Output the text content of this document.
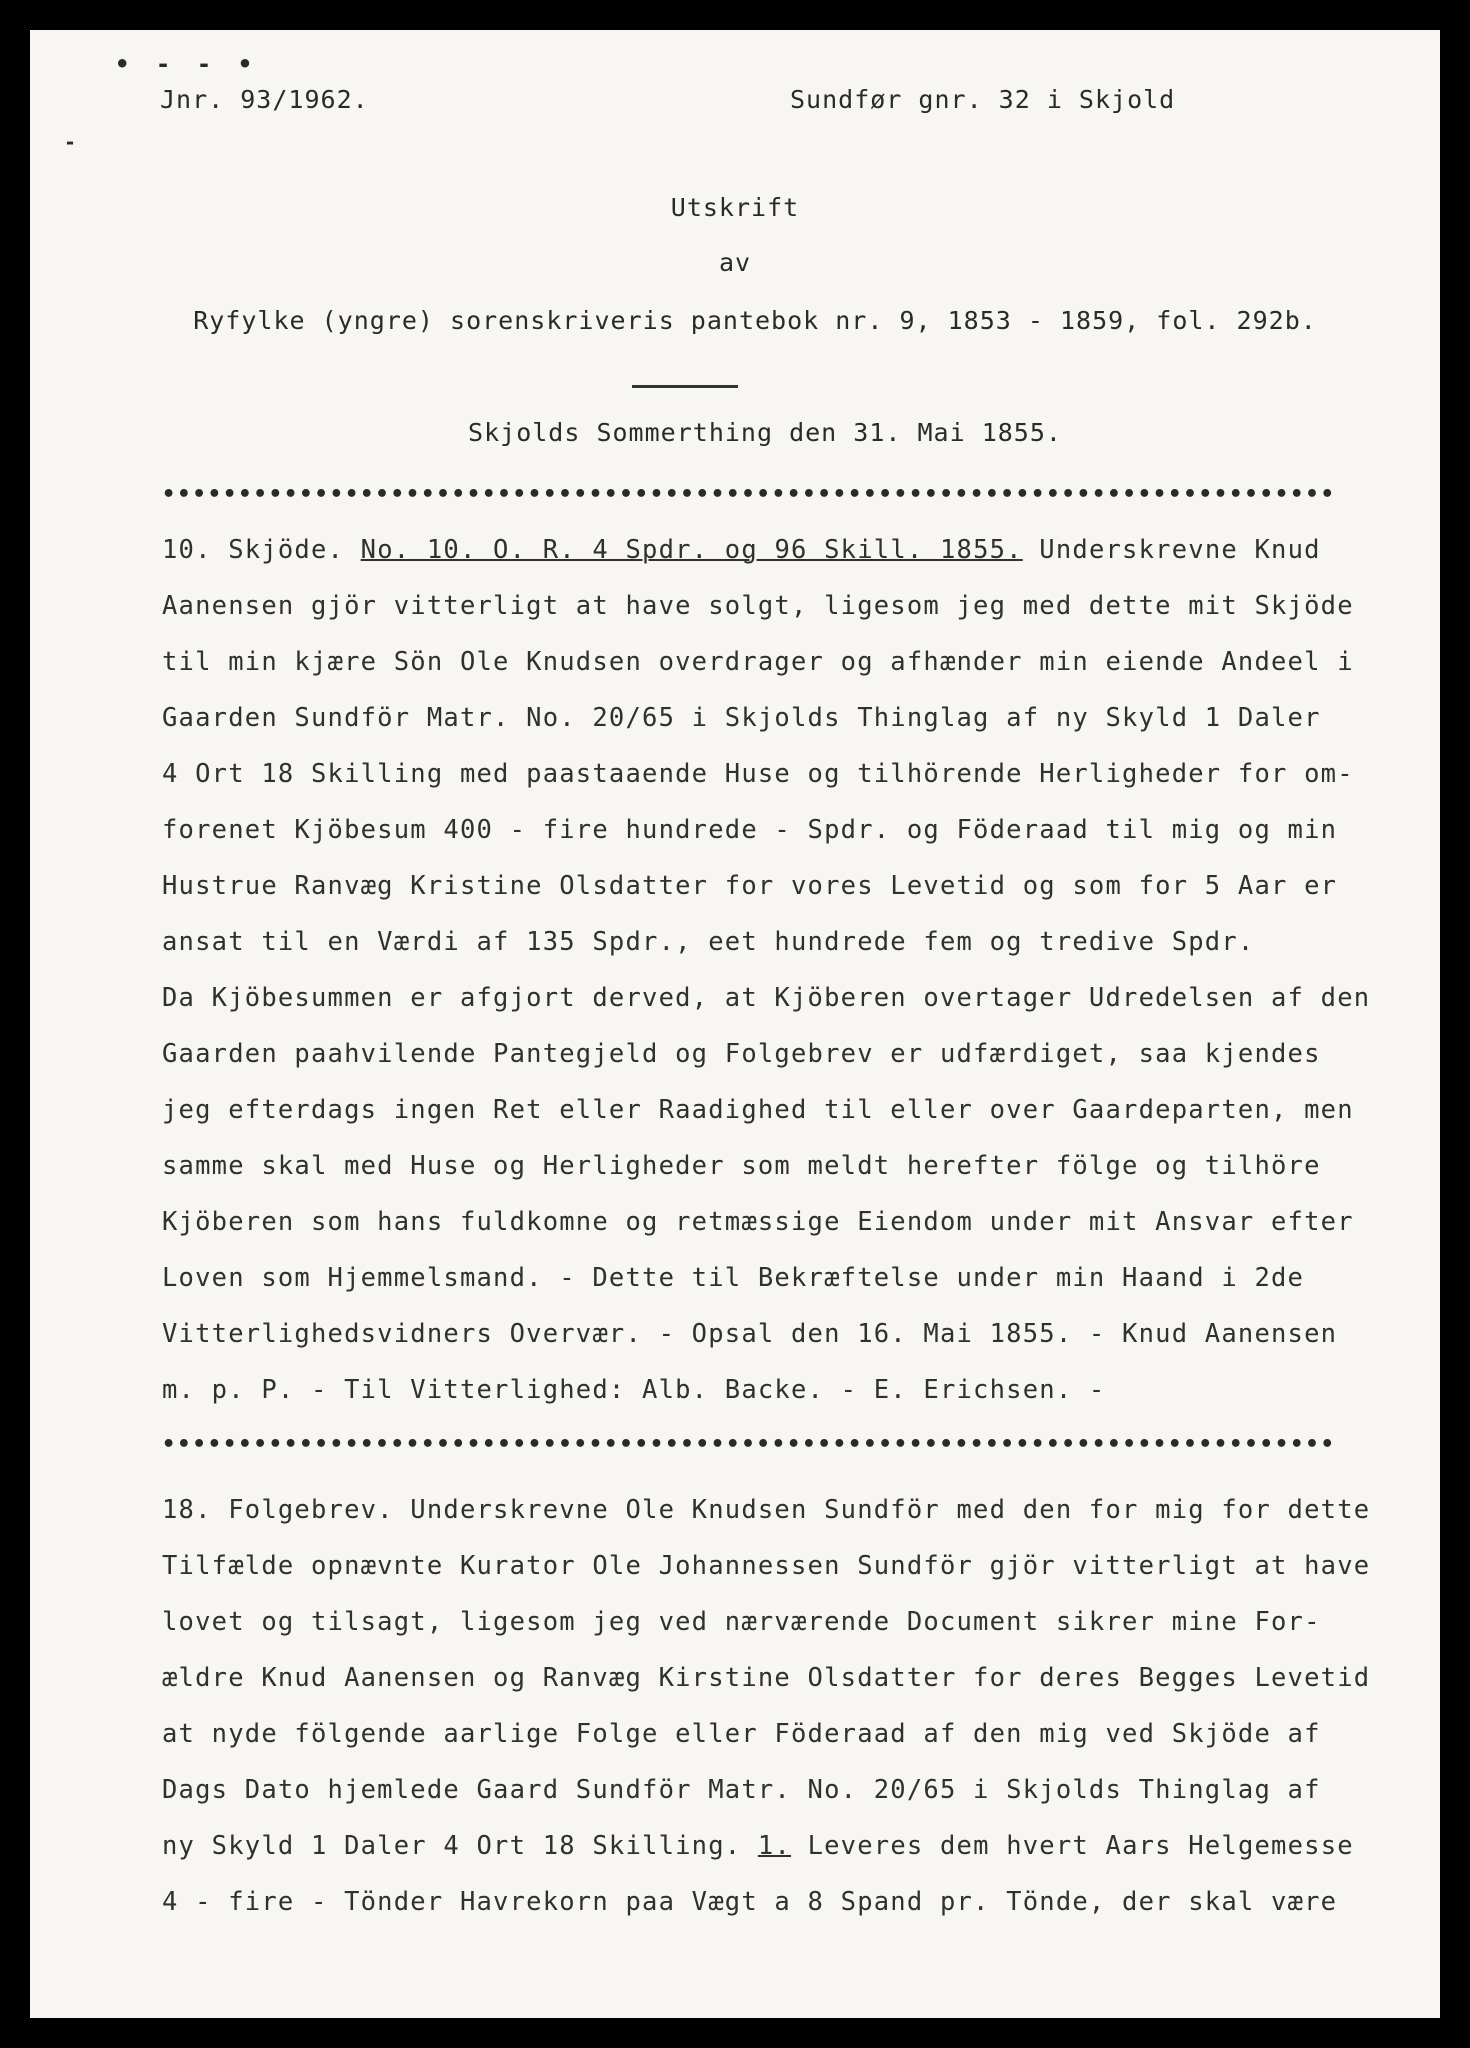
• - - •
-
Jnr. 93/1962.	Sundfør gnr. 32 i Skjold
Utskrift
av
Ryfylke (yngre) sorenskriveris pantebok nr. 9, 1853 - 1859, fol. 292b.
Skjolds Sommerthing den 31. Mai 1855.
•••••••••••••••••••••••••••••••••••••••••••••••••••••••••••••••••••••••••••••
10. Skjöde. No. 10. O. R. 4 Spdr. og 96 Skill. 1855. Underskrevne Knud
Aanensen gjör vitterligt at have solgt, ligesom jeg med dette mit Skjöde
til min kjære Sön Ole Knudsen overdrager og afhænder min eiende Andeel i
Gaarden Sundför Matr. No. 20/65 i Skjolds Thinglag af ny Skyld 1 Daler
4 Ort 18 Skilling med paastaaende Huse og tilhörende Herligheder for om-
forenet Kjöbesum 400 - fire hundrede - Spdr. og Föderaad til mig og min
Hustrue Ranvæg Kristine Olsdatter for vores Levetid og som for 5 Aar er
ansat til en Værdi af 135 Spdr., eet hundrede fem og tredive Spdr.
Da Kjöbesummen er afgjort derved, at Kjöberen overtager Udredelsen af den
Gaarden paahvilende Pantegjeld og Folgebrev er udfærdiget, saa kjendes
jeg efterdags ingen Ret eller Raadighed til eller over Gaardeparten, men
samme skal med Huse og Herligheder som meldt herefter fölge og tilhöre
Kjöberen som hans fuldkomne og retmæssige Eiendom under mit Ansvar efter
Loven som Hjemmelsmand. - Dette til Bekræftelse under min Haand i 2de
Vitterlighedsvidners Overvær. - Opsal den 16. Mai 1855. - Knud Aanensen
m. p. P. - Til Vitterlighed: Alb. Backe. - E. Erichsen. -
•••••••••••••••••••••••••••••••••••••••••••••••••••••••••••••••••••••••••••••
18. Folgebrev. Underskrevne Ole Knudsen Sundför med den for mig for dette
Tilfælde opnævnte Kurator Ole Johannessen Sundför gjör vitterligt at have
lovet og tilsagt, ligesom jeg ved nærværende Document sikrer mine For-
ældre Knud Aanensen og Ranvæg Kirstine Olsdatter for deres Begges Levetid
at nyde fölgende aarlige Folge eller Föderaad af den mig ved Skjöde af
Dags Dato hjemlede Gaard Sundför Matr. No. 20/65 i Skjolds Thinglag af
ny Skyld 1 Daler 4 Ort 18 Skilling. 1. Leveres dem hvert Aars Helgemesse
4 - fire - Tönder Havrekorn paa Vægt a 8 Spand pr. Tönde, der skal være
